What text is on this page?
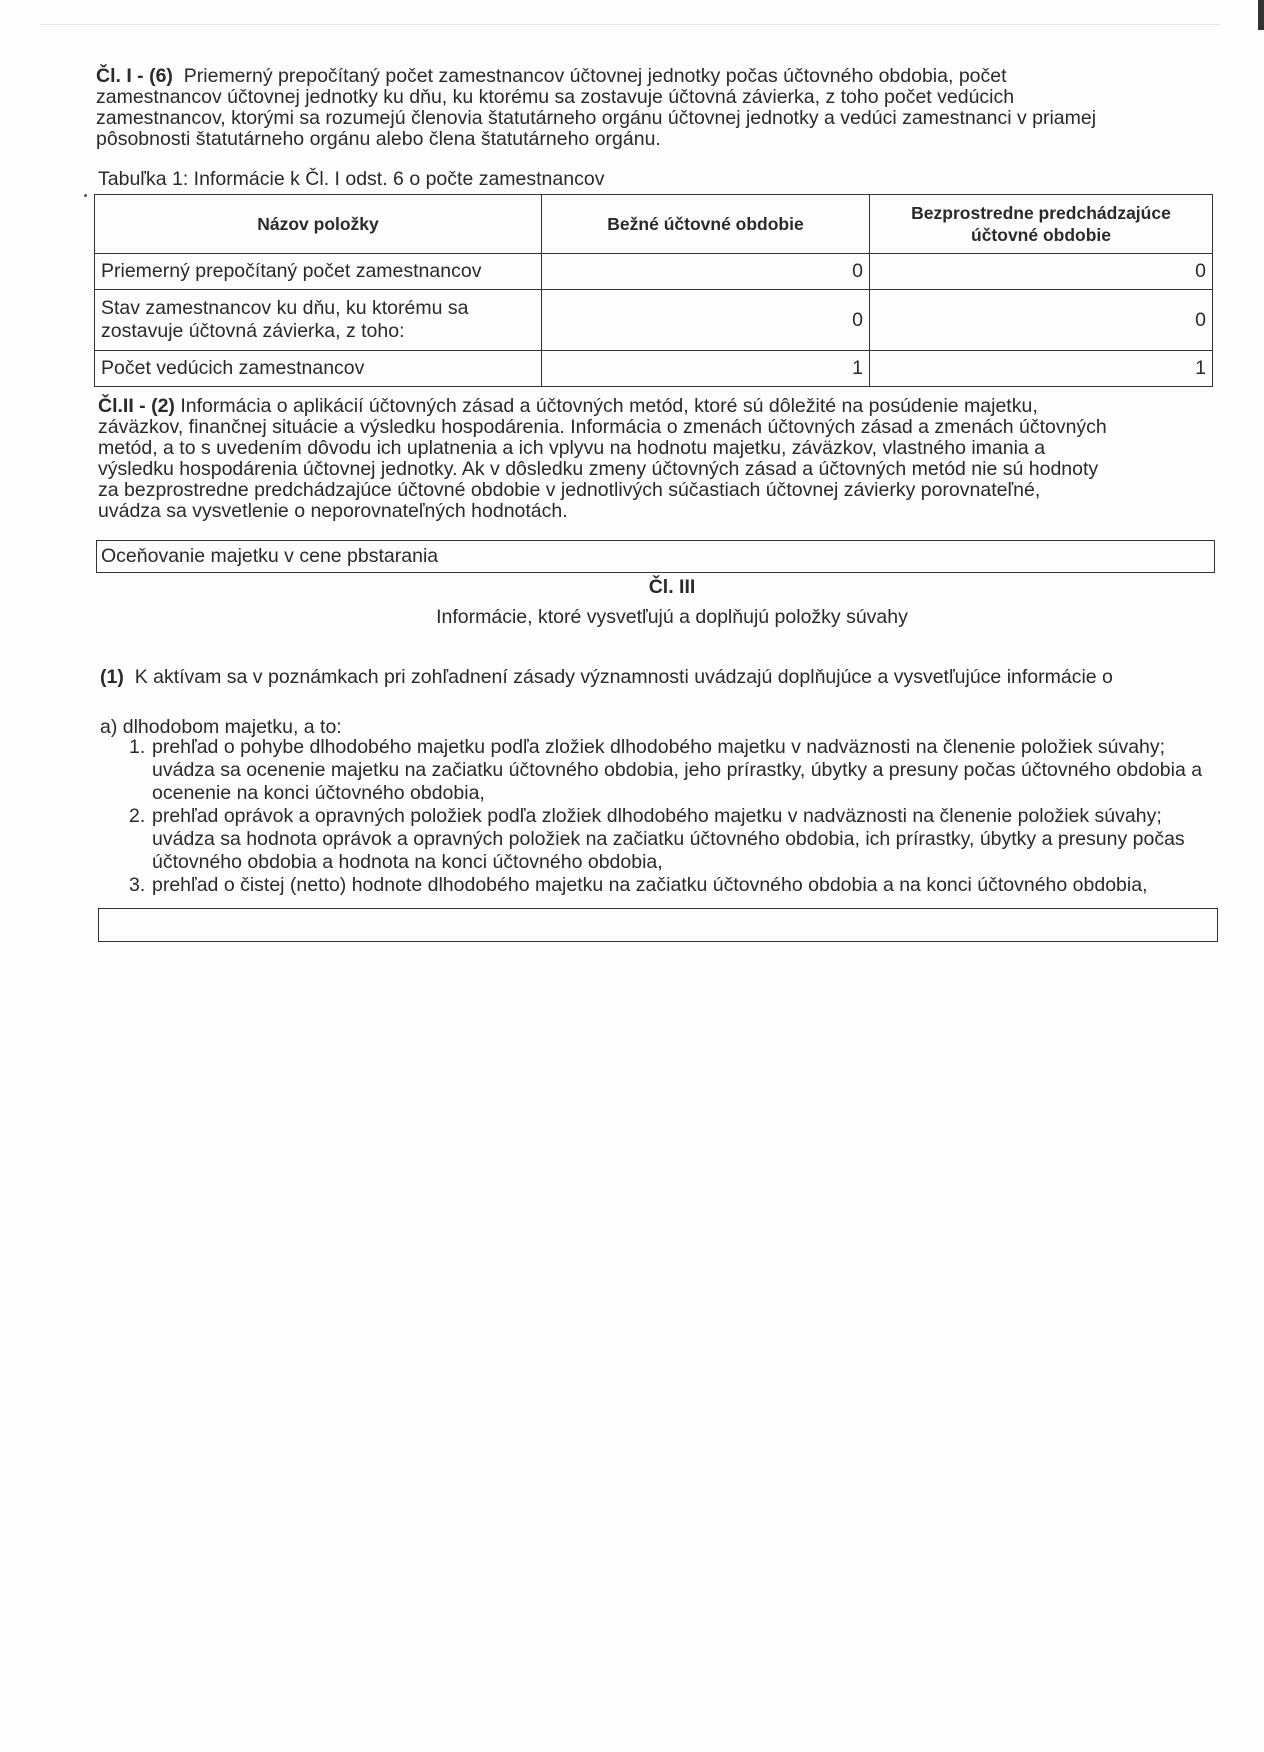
Čl. I - (6) Priemerný prepočítaný počet zamestnancov účtovnej jednotky počas účtovného obdobia, počet zamestnancov účtovnej jednotky ku dňu, ku ktorému sa zostavuje účtovná závierka, z toho počet vedúcich zamestnancov, ktorými sa rozumejú členovia štatutárneho orgánu účtovnej jednotky a vedúci zamestnanci v priamej pôsobnosti štatutárneho orgánu alebo člena štatutárneho orgánu.

Tabuľka 1: Informácie k Čl. I odst. 6 o počte zamestnancov
Názov položky	Bežné účtovné obdobie	Bezprostredne predchádzajúce účtovné obdobie
Priemerný prepočítaný počet zamestnancov	0	0
Stav zamestnancov ku dňu, ku ktorému sa zostavuje účtovná závierka, z toho:	0	0
Počet vedúcich zamestnancov	1	1

Čl.II - (2) Informácia o aplikácií účtovných zásad a účtovných metód, ktoré sú dôležité na posúdenie majetku, záväzkov, finančnej situácie a výsledku hospodárenia. Informácia o zmenách účtovných zásad a zmenách účtovných metód, a to s uvedením dôvodu ich uplatnenia a ich vplyvu na hodnotu majetku, záväzkov, vlastného imania a výsledku hospodárenia účtovnej jednotky. Ak v dôsledku zmeny účtovných zásad a účtovných metód nie sú hodnoty za bezprostredne predchádzajúce účtovné obdobie v jednotlivých súčastiach účtovnej závierky porovnateľné, uvádza sa vysvetlenie o neporovnateľných hodnotách.

Oceňovanie majetku v cene pbstarania
Čl. III
Informácie, ktoré vysvetľujú a doplňujú položky súvahy
(1) K aktívam sa v poznámkach pri zohľadnení zásady významnosti uvádzajú doplňujúce a vysvetľujúce informácie o
a) dlhodobom majetku, a to:
1. prehľad o pohybe dlhodobého majetku podľa zložiek dlhodobého majetku v nadväznosti na členenie položiek súvahy; uvádza sa ocenenie majetku na začiatku účtovného obdobia, jeho prírastky, úbytky a presuny počas účtovného obdobia a ocenenie na konci účtovného obdobia,
2. prehľad oprávok a opravných položiek podľa zložiek dlhodobého majetku v nadväznosti na členenie položiek súvahy; uvádza sa hodnota oprávok a opravných položiek na začiatku účtovného obdobia, ich prírastky, úbytky a presuny počas účtovného obdobia a hodnota na konci účtovného obdobia,
3. prehľad o čistej (netto) hodnote dlhodobého majetku na začiatku účtovného obdobia a na konci účtovného obdobia,
